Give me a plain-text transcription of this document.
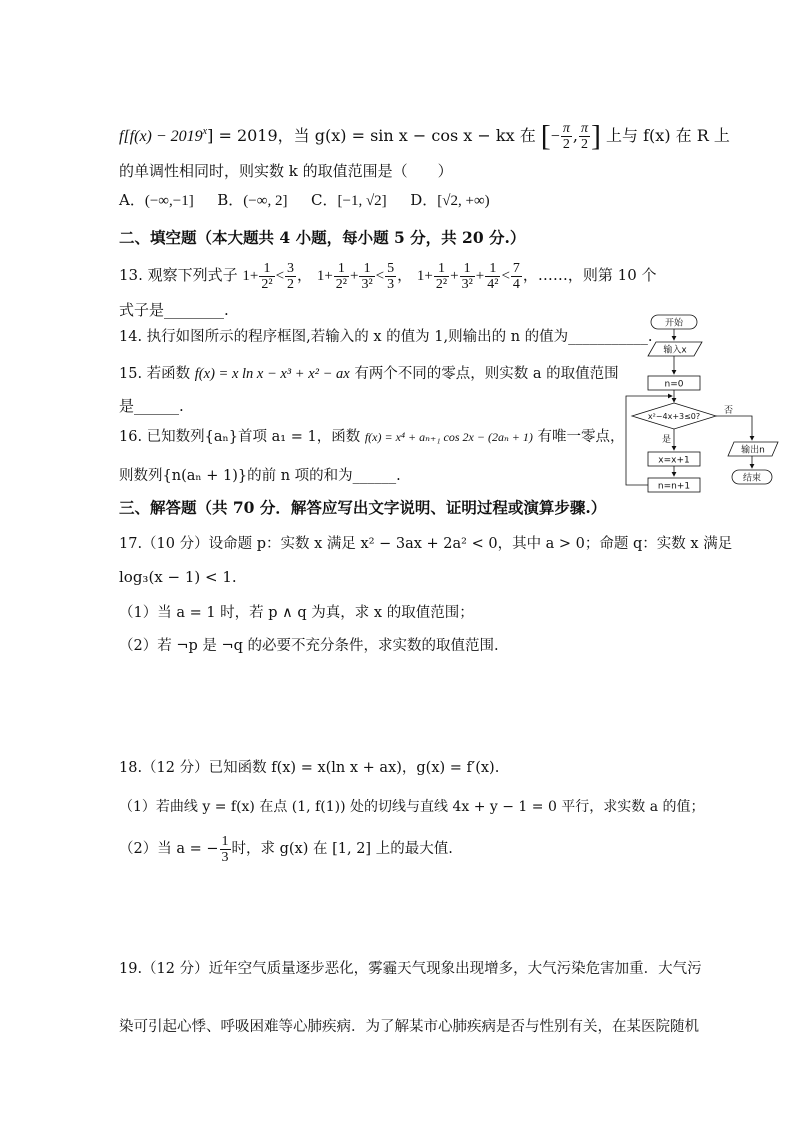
$f[f(x) - 2019^x] = 2019$，当 g(x) = sin x − cos x − kx 在 [− $\frac{\pi}{2}$ , $\frac{\pi}{2}$ ] 上与 f(x) 在 R 上
的单调性相同时，则实数 k 的取值范围是（　　）
A．(−∞,−1] B．(−∞, 2] C．[−1, √2] D．[√2, +∞)
二、填空题（本大题共 4 小题，每小题 5 分，共 20 分.）
13. 观察下列式子 $1+ \frac{1}{\text{2²}} < \frac{3}{2}$ ， $1+ \frac{1}{\text{2²}} + \frac{1}{\text{3²}} < \frac{5}{3}$ ， $1+ \frac{1}{\text{2²}} + \frac{1}{\text{3²}} + \frac{1}{\text{4²}} < \frac{7}{4}$ ，……，则第 10 个
式子是________.
14. 执行如图所示的程序框图,若输入的 x 的值为 1,则输出的 n 的值为___________.
15. 若函数 f(x) = x ln x − x³ + x² − ax 有两个不同的零点，则实数 a 的取值范围
是______.
16. 已知数列{aₙ}首项 a₁ = 1，函数 f(x) = x⁴ + aₙ₊₁ cos 2x − (2aₙ + 1) 有唯一零点，
则数列{n(aₙ + 1)}的前 n 项的和为______.
三、解答题（共 70 分．解答应写出文字说明、证明过程或演算步骤.）
17.（10 分）设命题 p：实数 x 满足 x² − 3ax + 2a² < 0，其中 a > 0；命题 q：实数 x 满足
log₃(x − 1) < 1.
（1）当 a = 1 时，若 p ∧ q 为真，求 x 的取值范围；
（2）若 ¬p 是 ¬q 的必要不充分条件，求实数的取值范围.
18.（12 分）已知函数 f(x) = x(ln x + ax)，g(x) = f′(x).
（1）若曲线 y = f(x) 在点 (1, f(1)) 处的切线与直线 4x + y − 1 = 0 平行，求实数 a 的值；
（2）当 a = − $\frac{1}{3}$ 时，求 g(x) 在 [1, 2] 上的最大值.
19.（12 分）近年空气质量逐步恶化，雾霾天气现象出现增多，大气污染危害加重．大气污
染可引起心悸、呼吸困难等心肺疾病．为了解某市心肺疾病是否与性别有关，在某医院随机
开始
输入x
n=0
x²−4x+3≤0?
否
输出n
结束
是
x=x+1
n=n+1
